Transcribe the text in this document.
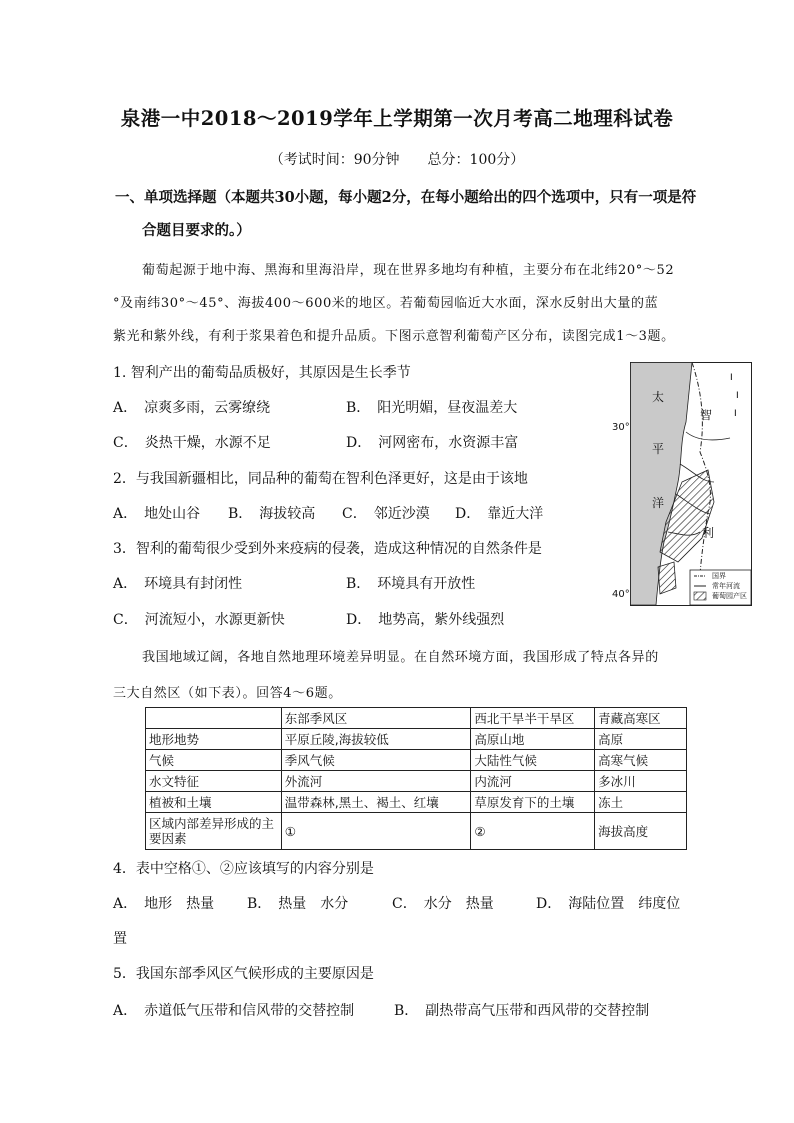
泉港一中2018～2019学年上学期第一次月考高二地理科试卷
（考试时间：90分钟　　总分：100分）
一、单项选择题（本题共30小题，每小题2分，在每小题给出的四个选项中，只有一项是符
合题目要求的。）
葡萄起源于地中海、黑海和里海沿岸，现在世界多地均有种植，主要分布在北纬20°～52
°及南纬30°～45°、海拔400～600米的地区。若葡萄园临近大水面，深水反射出大量的蓝
紫光和紫外线，有利于浆果着色和提升品质。下图示意智利葡萄产区分布，读图完成1～3题。
1. 智利产出的葡萄品质极好，其原因是生长季节
A．　凉爽多雨，云雾缭绕	B．　阳光明媚，昼夜温差大
C．　炎热干燥，水源不足	D．　河网密布，水资源丰富
2．与我国新疆相比，同品种的葡萄在智利色泽更好，这是由于该地
A．　地处山谷 B．　海拔较高 C．　邻近沙漠 D．　靠近大洋
3．智利的葡萄很少受到外来疫病的侵袭，造成这种情况的自然条件是
A．　环境具有封闭性	B．　环境具有开放性
C．　河流短小，水源更新快	D．　地势高，紫外线强烈
I
I
I
太
平
洋
智
利
国界
常年河流
葡萄园产区
30°
40°
我国地域辽阔，各地自然地理环境差异明显。在自然环境方面，我国形成了特点各异的
三大自然区（如下表）。回答4～6题。
	东部季风区	西北干旱半干旱区	青藏高寒区
地形地势	平原丘陵,海拔较低	高原山地	高原
气候	季风气候	大陆性气候	高寒气候
水文特征	外流河	内流河	多冰川
植被和土壤	温带森林,黑土、褐土、红壤	草原发育下的土壤	冻土
区域内部差异形成的主要因素	①	②	海拔高度
4．表中空格①、②应该填写的内容分别是
A．　地形　热量 B．　热量　水分	C．　水分　热量	D．　海陆位置　纬度位
置
5．我国东部季风区气候形成的主要原因是
A．　赤道低气压带和信风带的交替控制	B．　副热带高气压带和西风带的交替控制
